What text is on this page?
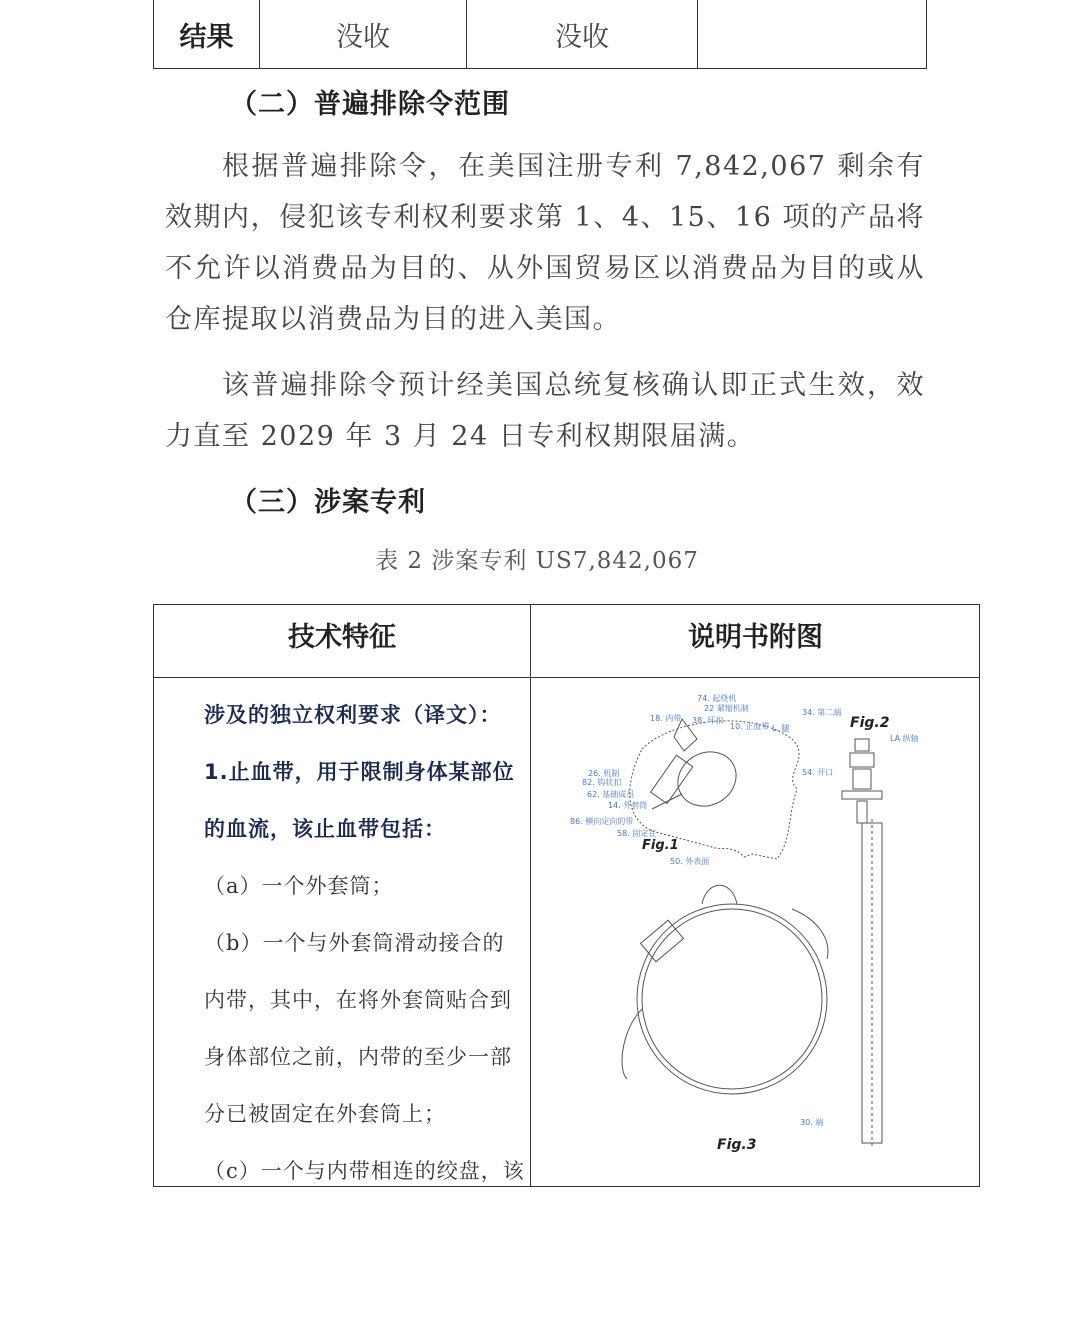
结果	没收	没收	
（二）普遍排除令范围
根据普遍排除令，在美国注册专利 7,842,067 剩余有效期内，侵犯该专利权利要求第 1、4、15、16 项的产品将不允许以消费品为目的、从外国贸易区以消费品为目的或从仓库提取以消费品为目的进入美国。
该普遍排除令预计经美国总统复核确认即正式生效，效力直至 2029 年 3 月 24 日专利权期限届满。
（三）涉案专利
表 2 涉案专利 US7,842,067
技术特征	说明书附图
涉及的独立权利要求（译文）：
1.止血带，用于限制身体某部位
的血流，该止血带包括：
（a）一个外套筒；
（b）一个与外套筒滑动接合的
内带，其中，在将外套筒贴合到
身体部位之前，内带的至少一部
分已被固定在外套筒上；
（c）一个与内带相连的绞盘，该
Fig.1
Fig.2
Fig.3
74. 起绕机
22 紧缩机制
18. 内带 38. 环扣
10. 止血带 L. 腿
26. 机制
82. 钩状扣
62. 基础成员
14. 外套筒
86. 横向定向的带
58. 固定在
50. 外表面
34. 第二端
54. 开口
LA 纵轴
30. 端
